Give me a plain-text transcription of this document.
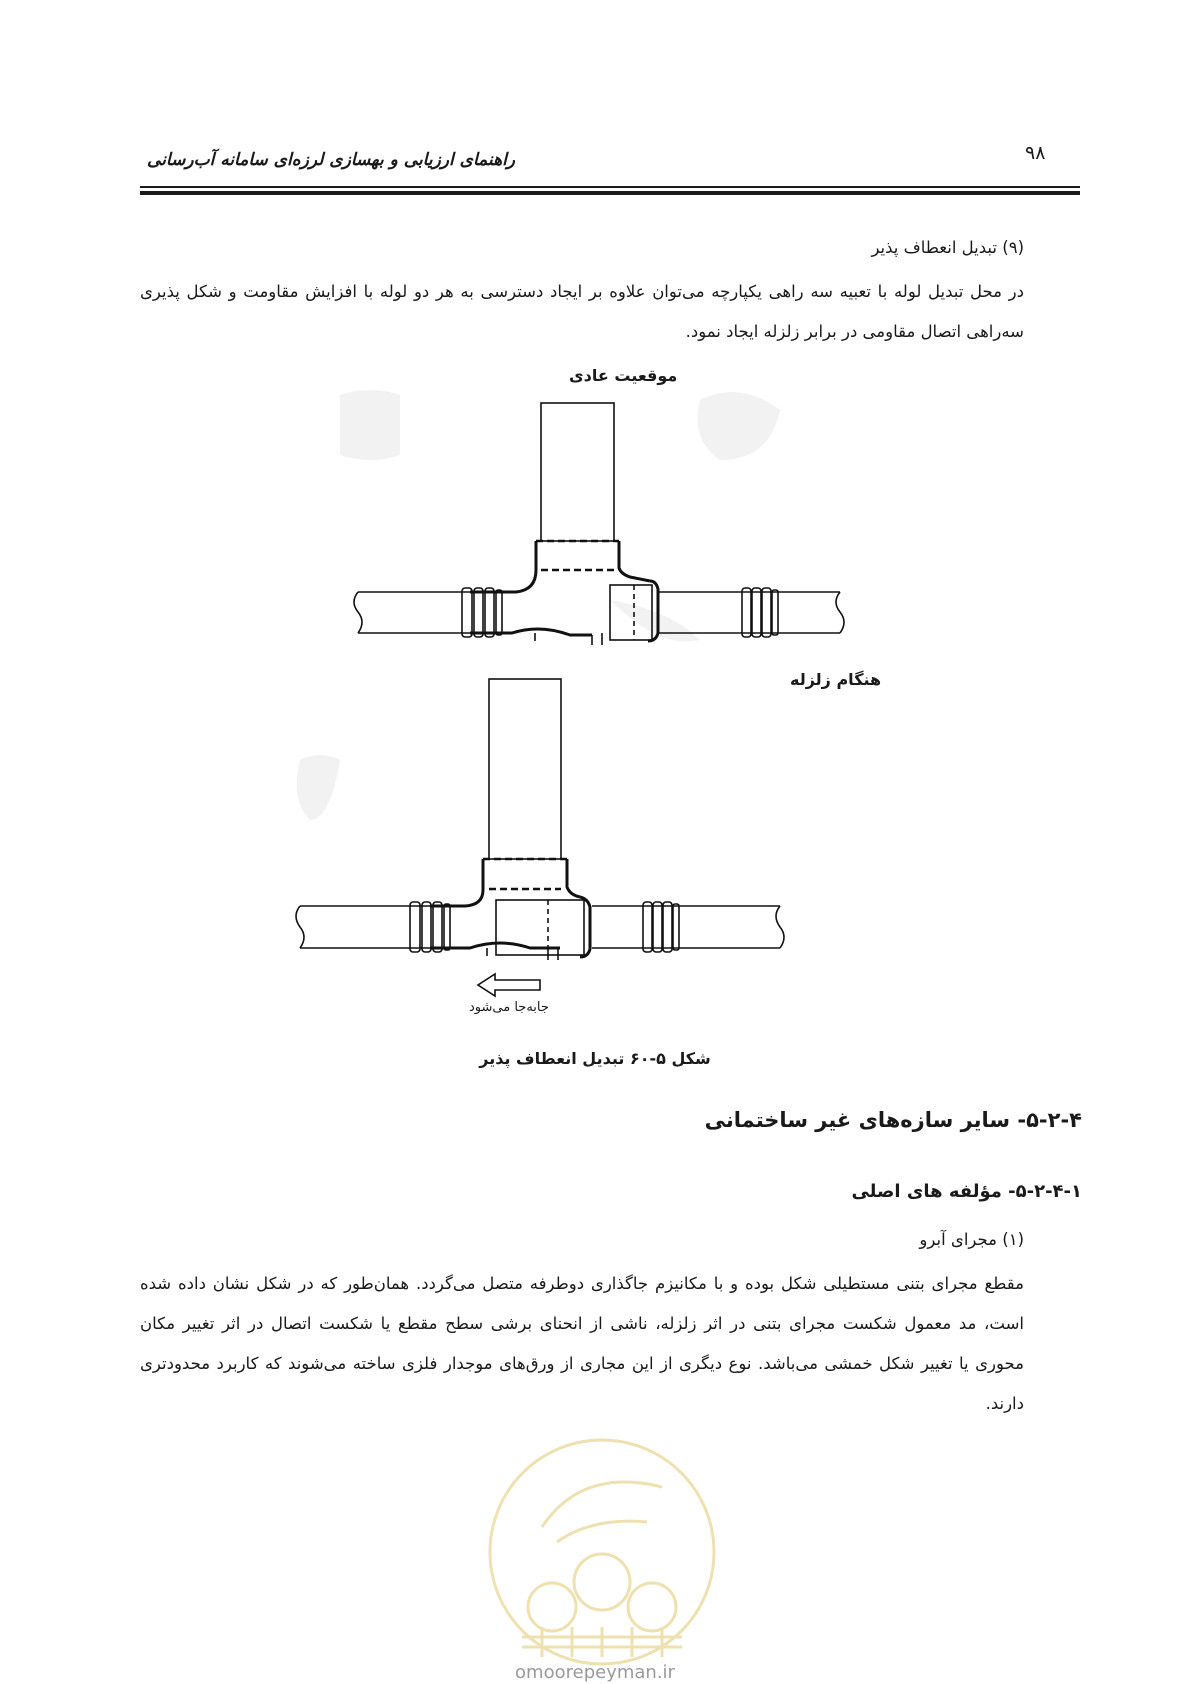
۹۸
راهنمای ارزیابی و بهسازی لرزه‌ای سامانه آب‌رسانی
(۹) تبدیل انعطاف پذیر
در محل تبدیل لوله با تعبیه سه راهی یکپارچه می‌توان علاوه بر ایجاد دسترسی به هر دو لوله با افزایش مقاومت و شکل پذیری سه‌راهی اتصال مقاومی در برابر زلزله ایجاد نمود.
موقعیت عادی
هنگام زلزله
جابه‌جا می‌شود
شکل ۵-۶۰ تبدیل انعطاف پذیر
۵-۲-۴- سایر سازه‌های غیر ساختمانی
۵-۲-۴-۱- مؤلفه های اصلی
(۱) مجرای آبرو
مقطع مجرای بتنی مستطیلی شکل بوده و با مکانیزم جاگذاری دوطرفه متصل می‌گردد. همان‌طور که در شکل نشان داده شده است، مد معمول شکست مجرای بتنی در اثر زلزله، ناشی از انحنای برشی سطح مقطع یا شکست اتصال در اثر تغییر مکان محوری یا تغییر شکل خمشی می‌باشد. نوع دیگری از این مجاری از ورق‌های موجدار فلزی ساخته می‌شوند که کاربرد محدودتری دارند.
omoorepeyman.ir
